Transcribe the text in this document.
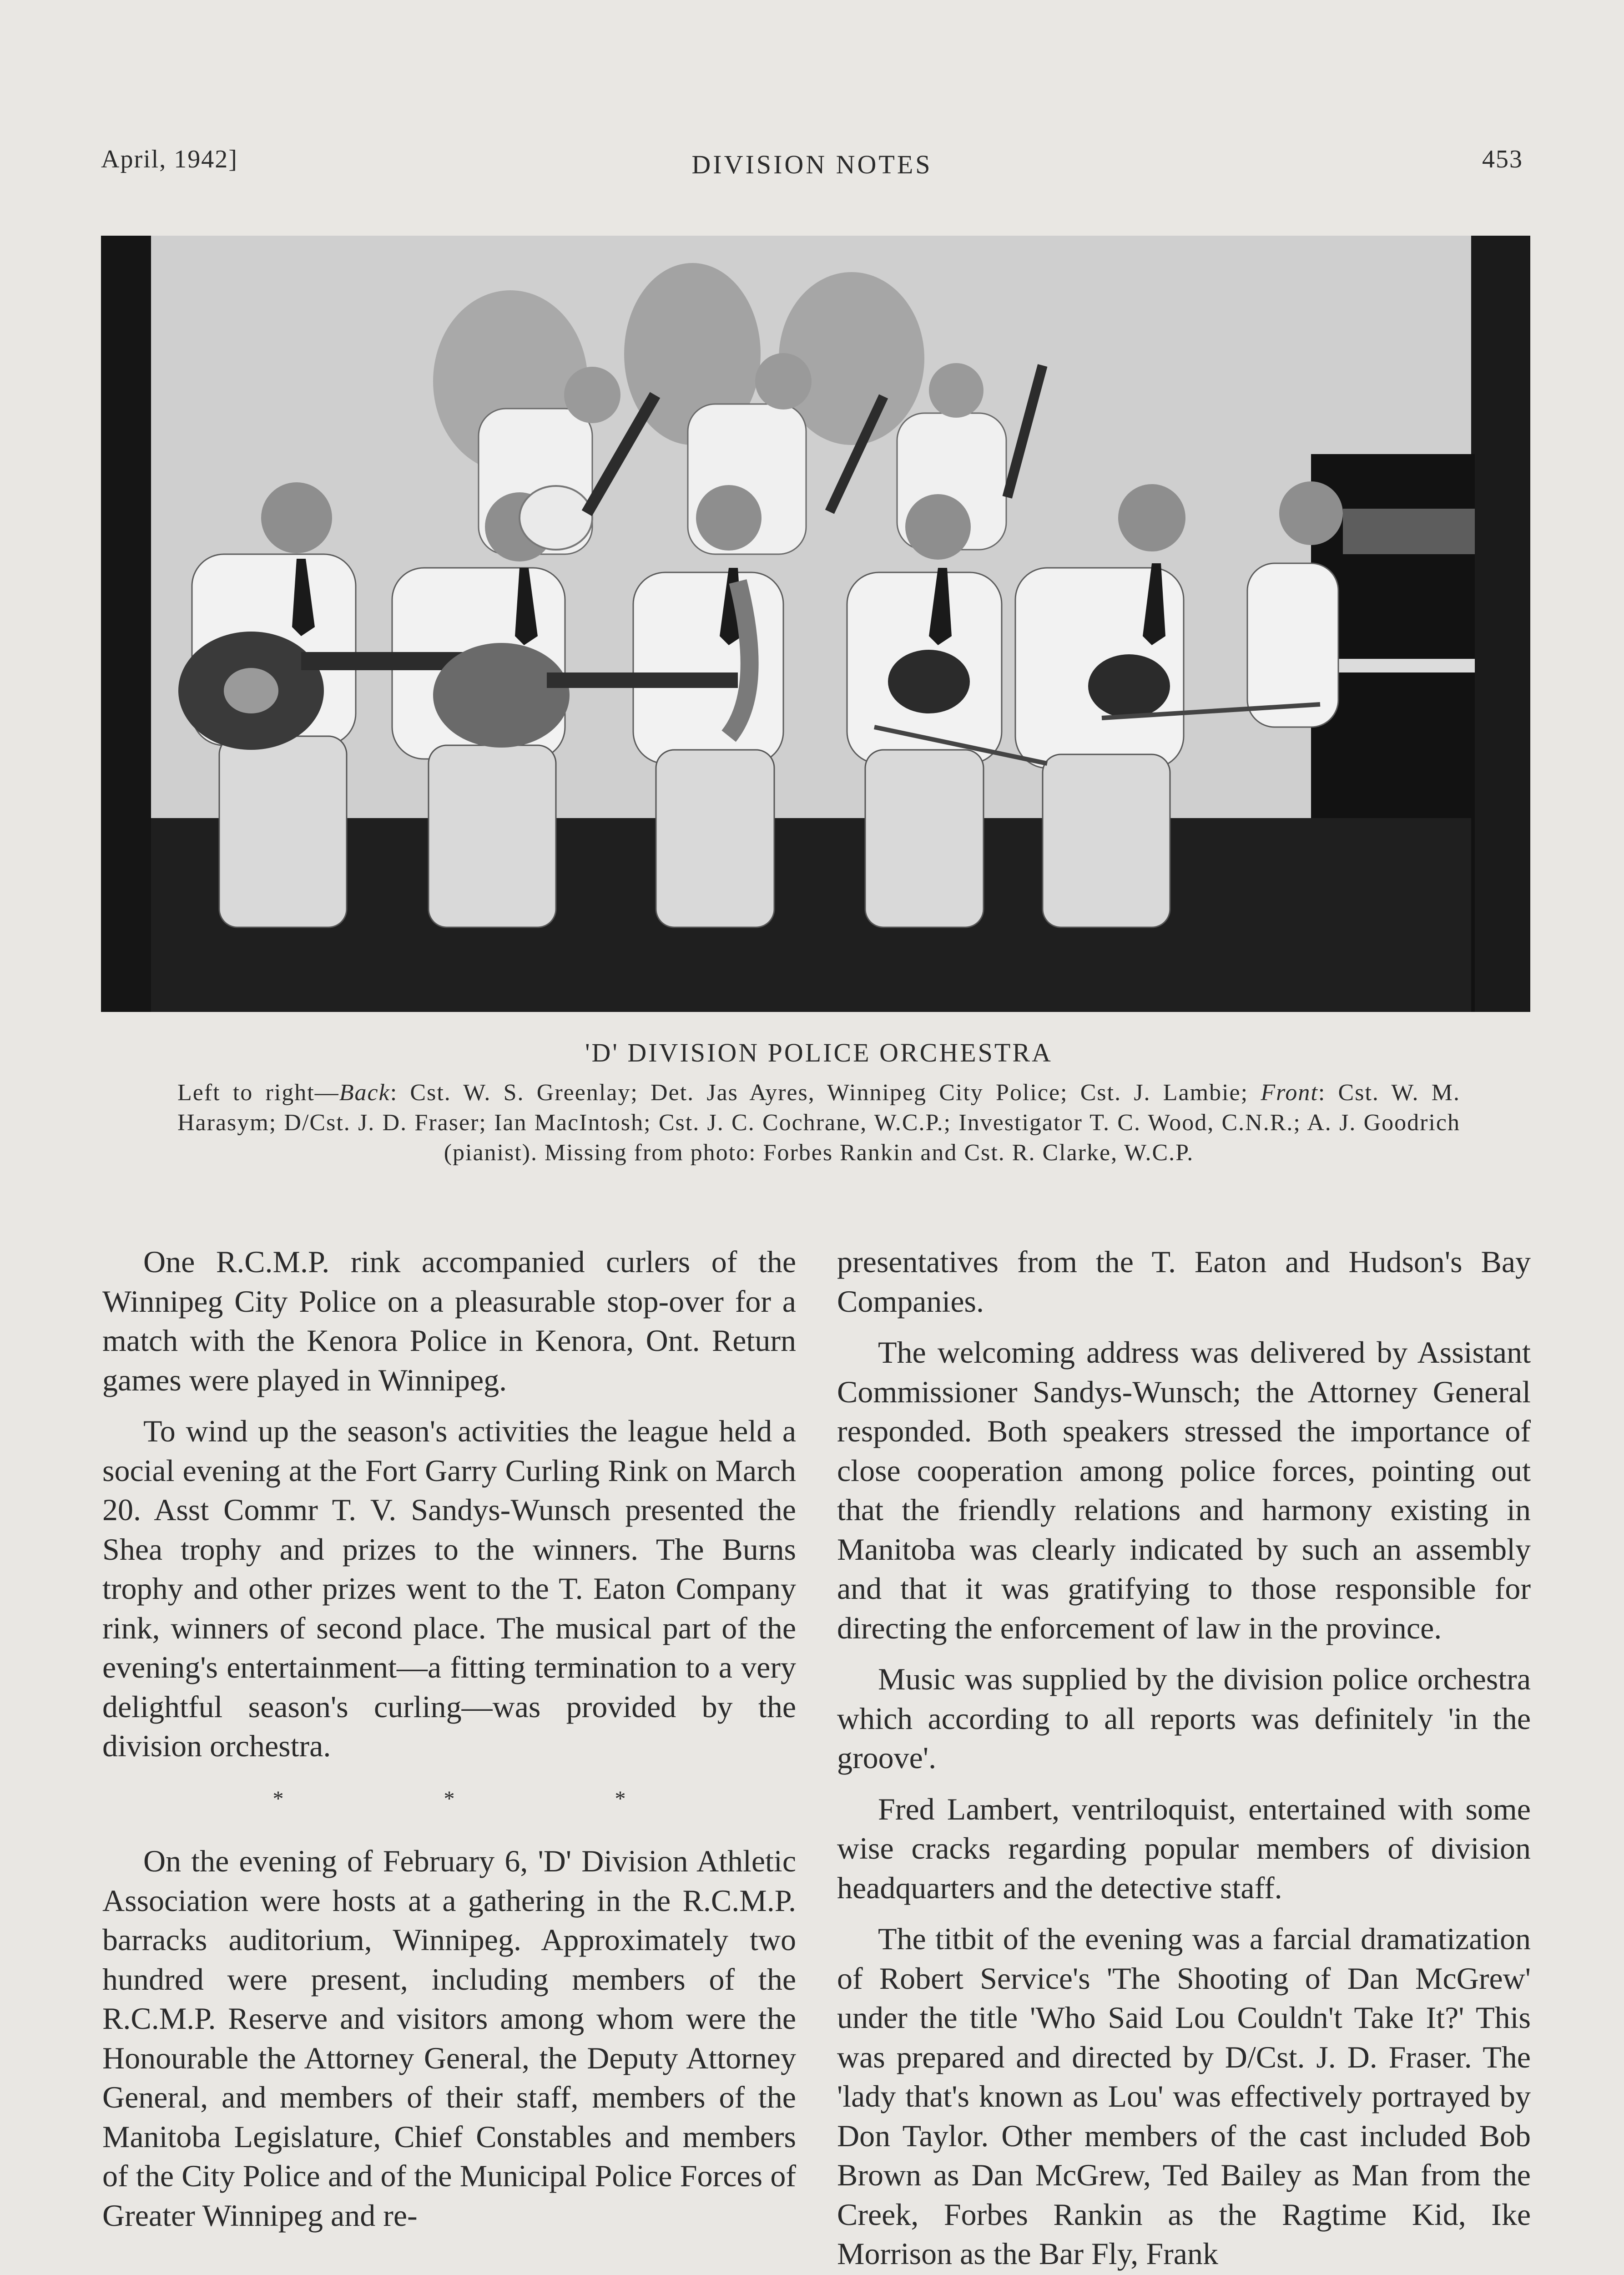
April, 1942]	DIVISION NOTES	453
'D' DIVISION POLICE ORCHESTRA
Left to right—Back: Cst. W. S. Greenlay; Det. Jas Ayres, Winnipeg City Police; Cst. J. Lambie; Front: Cst. W. M. Harasym; D/Cst. J. D. Fraser; Ian MacIntosh; Cst. J. C. Cochrane, W.C.P.; Investigator T. C. Wood, C.N.R.; A. J. Goodrich (pianist). Missing from photo: Forbes Rankin and Cst. R. Clarke, W.C.P.

One R.C.M.P. rink accompanied curlers of the Winnipeg City Police on a pleasurable stop-over for a match with the Kenora Police in Kenora, Ont. Return games were played in Winnipeg.

To wind up the season's activities the league held a social evening at the Fort Garry Curling Rink on March 20. Asst Commr T. V. Sandys-Wunsch presented the Shea trophy and prizes to the winners. The Burns trophy and other prizes went to the T. Eaton Company rink, winners of second place. The musical part of the evening's entertainment—a fitting termination to a very delightful season's curling—was provided by the division orchestra.

* * *

On the evening of February 6, 'D' Division Athletic Association were hosts at a gathering in the R.C.M.P. barracks auditorium, Winnipeg. Approximately two hundred were present, including members of the R.C.M.P. Reserve and visitors among whom were the Honourable the Attorney General, the Deputy Attorney General, and members of their staff, members of the Manitoba Legislature, Chief Constables and members of the City Police and of the Municipal Police Forces of Greater Winnipeg and re-

presentatives from the T. Eaton and Hudson's Bay Companies.

The welcoming address was delivered by Assistant Commissioner Sandys-Wunsch; the Attorney General responded. Both speakers stressed the importance of close cooperation among police forces, pointing out that the friendly relations and harmony existing in Manitoba was clearly indicated by such an assembly and that it was gratifying to those responsible for directing the enforcement of law in the province.

Music was supplied by the division police orchestra which according to all reports was definitely 'in the groove'.

Fred Lambert, ventriloquist, entertained with some wise cracks regarding popular members of division headquarters and the detective staff.

The titbit of the evening was a farcial dramatization of Robert Service's 'The Shooting of Dan McGrew' under the title 'Who Said Lou Couldn't Take It?' This was prepared and directed by D/Cst. J. D. Fraser. The 'lady that's known as Lou' was effectively portrayed by Don Taylor. Other members of the cast included Bob Brown as Dan McGrew, Ted Bailey as Man from the Creek, Forbes Rankin as the Ragtime Kid, Ike Morrison as the Bar Fly, Frank
